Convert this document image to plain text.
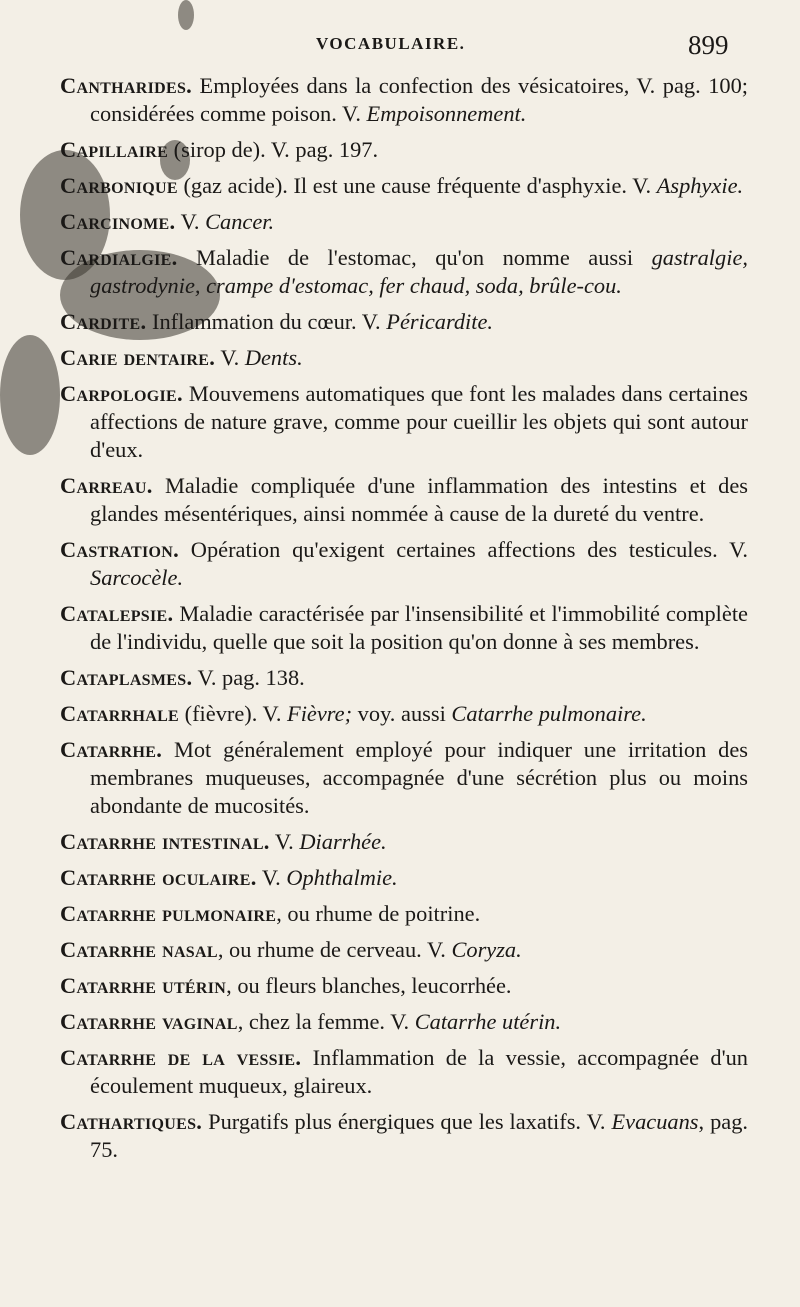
VOCABULAIRE.	899
Cantharides. Employées dans la confection des vésicatoires, V. pag. 100; considérées comme poison. V. Empoisonnement.
Capillaire (sirop de). V. pag. 197.
Carbonique (gaz acide). Il est une cause fréquente d'asphyxie. V. Asphyxie.
Carcinome. V. Cancer.
Cardialgie. Maladie de l'estomac, qu'on nomme aussi gastralgie, gastrodynie, crampe d'estomac, fer chaud, soda, brûle-cou.
Cardite. Inflammation du cœur. V. Péricardite.
Carie dentaire. V. Dents.
Carpologie. Mouvemens automatiques que font les malades dans certaines affections de nature grave, comme pour cueillir les objets qui sont autour d'eux.
Carreau. Maladie compliquée d'une inflammation des intestins et des glandes mésentériques, ainsi nommée à cause de la dureté du ventre.
Castration. Opération qu'exigent certaines affections des testicules. V. Sarcocèle.
Catalepsie. Maladie caractérisée par l'insensibilité et l'immobilité complète de l'individu, quelle que soit la position qu'on donne à ses membres.
Cataplasmes. V. pag. 138.
Catarrhale (fièvre). V. Fièvre; voy. aussi Catarrhe pulmonaire.
Catarrhe. Mot généralement employé pour indiquer une irritation des membranes muqueuses, accompagnée d'une sécrétion plus ou moins abondante de mucosités.
Catarrhe intestinal. V. Diarrhée.
Catarrhe oculaire. V. Ophthalmie.
Catarrhe pulmonaire, ou rhume de poitrine.
Catarrhe nasal, ou rhume de cerveau. V. Coryza.
Catarrhe utérin, ou fleurs blanches, leucorrhée.
Catarrhe vaginal, chez la femme. V. Catarrhe utérin.
Catarrhe de la vessie. Inflammation de la vessie, accompagnée d'un écoulement muqueux, glaireux.
Cathartiques. Purgatifs plus énergiques que les laxatifs. V. Evacuans, pag. 75.
